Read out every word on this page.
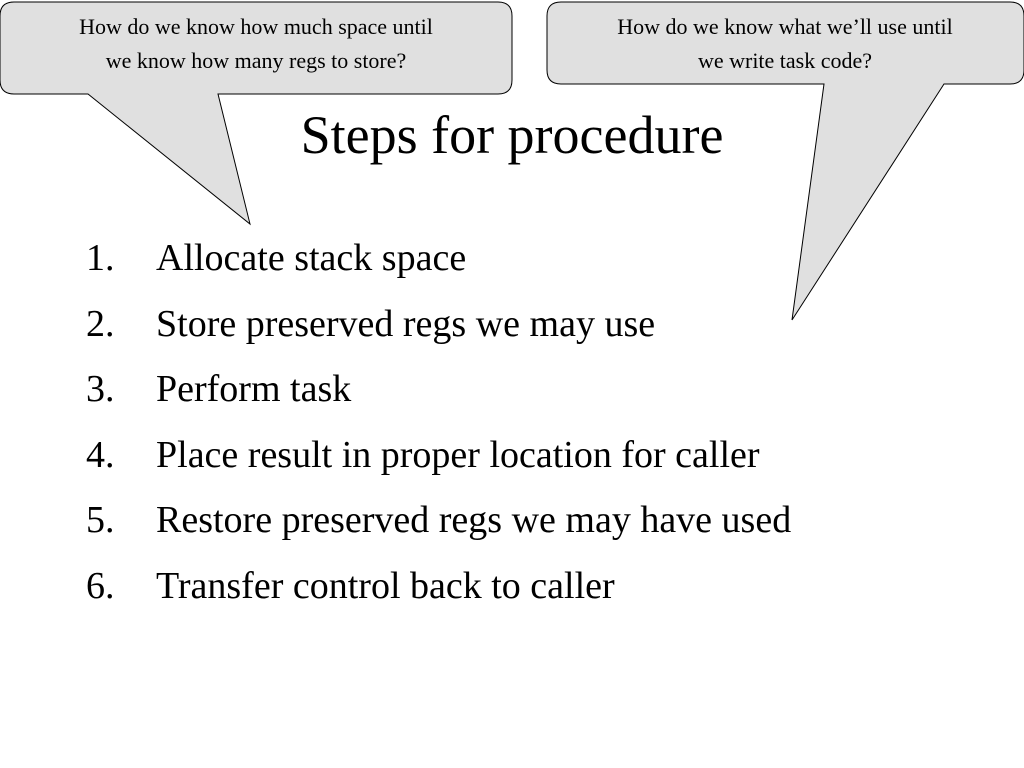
How do we know how much space until
we know how many regs to store?
How do we know what we’ll use until
we write task code?
Steps for procedure
1.	Allocate stack space
2.	Store preserved regs we may use
3.	Perform task
4.	Place result in proper location for caller
5.	Restore preserved regs we may have used
6.	Transfer control back to caller
